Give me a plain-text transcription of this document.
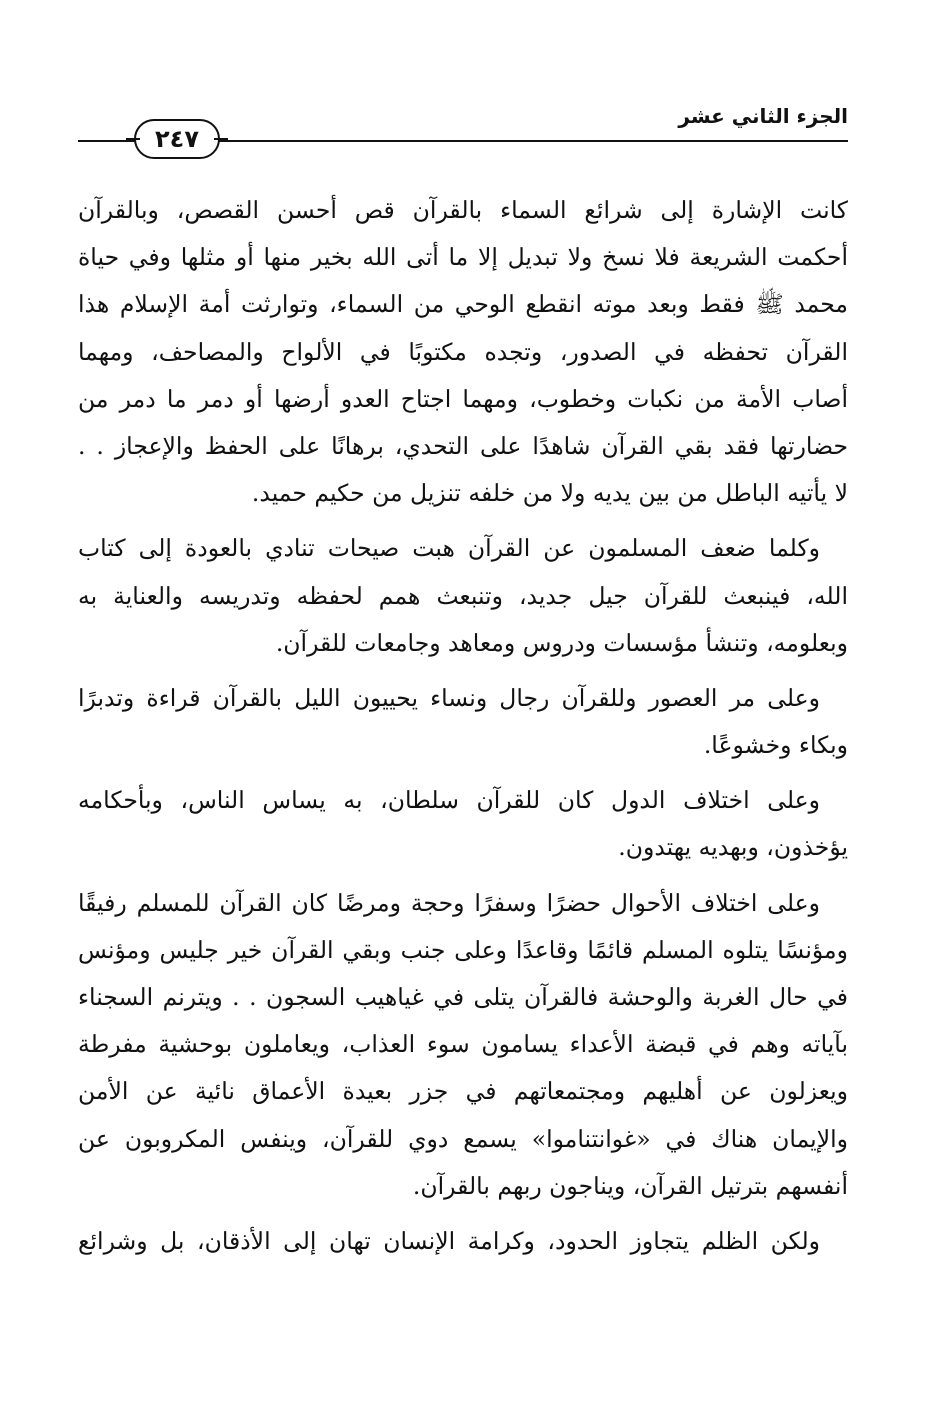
الجزء الثاني عشر
٢٤٧
كانت الإشارة إلى شرائع السماء بالقرآن قص أحسن القصص، وبالقرآن
أحكمت الشريعة فلا نسخ ولا تبديل إلا ما أتى الله بخير منها أو مثلها وفي حياة
محمد ﷺ فقط وبعد موته انقطع الوحي من السماء، وتوارثت أمة الإسلام هذا
القرآن تحفظه في الصدور، وتجده مكتوبًا في الألواح والمصاحف، ومهما
أصاب الأمة من نكبات وخطوب، ومهما اجتاح العدو أرضها أو دمر ما دمر من
حضارتها فقد بقي القرآن شاهدًا على التحدي، برهانًا على الحفظ والإعجاز . .
لا يأتيه الباطل من بين يديه ولا من خلفه تنزيل من حكيم حميد.
وكلما ضعف المسلمون عن القرآن هبت صيحات تنادي بالعودة إلى كتاب
الله، فينبعث للقرآن جيل جديد، وتنبعث همم لحفظه وتدريسه والعناية به
وبعلومه، وتنشأ مؤسسات ودروس ومعاهد وجامعات للقرآن.
وعلى مر العصور وللقرآن رجال ونساء يحييون الليل بالقرآن قراءة وتدبرًا
وبكاء وخشوعًا.
وعلى اختلاف الدول كان للقرآن سلطان، به يساس الناس، وبأحكامه
يؤخذون، وبهديه يهتدون.
وعلى اختلاف الأحوال حضرًا وسفرًا وحجة ومرضًا كان القرآن للمسلم رفيقًا
ومؤنسًا يتلوه المسلم قائمًا وقاعدًا وعلى جنب وبقي القرآن خير جليس ومؤنس
في حال الغربة والوحشة فالقرآن يتلى في غياهيب السجون . . ويترنم السجناء
بآياته وهم في قبضة الأعداء يسامون سوء العذاب، ويعاملون بوحشية مفرطة
ويعزلون عن أهليهم ومجتمعاتهم في جزر بعيدة الأعماق نائية عن الأمن
والإيمان هناك في «غوانتناموا» يسمع دوي للقرآن، وينفس المكروبون عن
أنفسهم بترتيل القرآن، ويناجون ربهم بالقرآن.
ولكن الظلم يتجاوز الحدود، وكرامة الإنسان تهان إلى الأذقان، بل وشرائع
